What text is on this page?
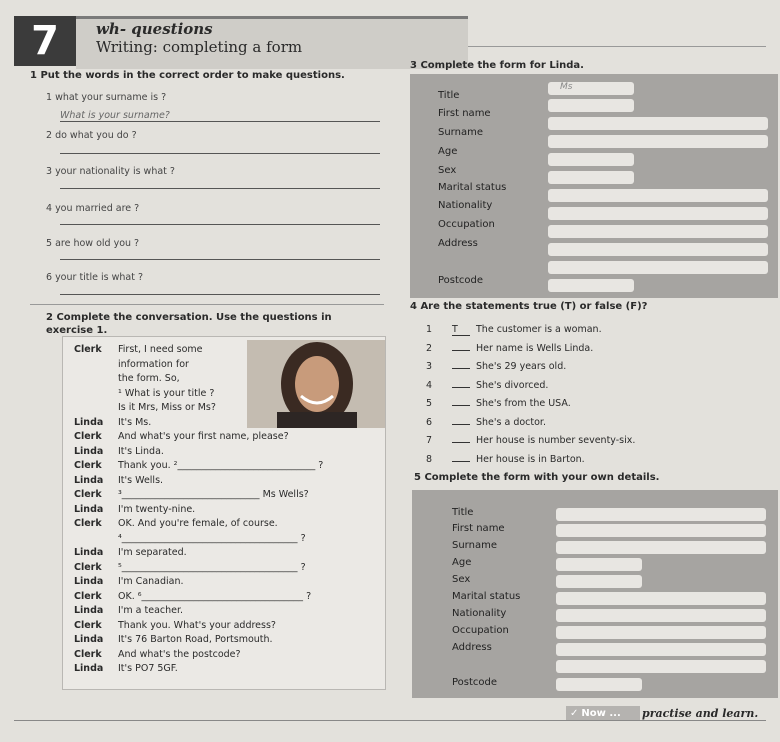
7 wh- questions
Writing: completing a form
1 Put the words in the correct order to make questions.
1 what your surname is ?
What is your surname?
2 do what you do ?
3 your nationality is what ?
4 you married are ?
5 are how old you ?
6 your title is what ?
3 Complete the form for Linda.
Title
Ms
First name
Surname
Age
Sex
Marital status
Nationality
Occupation
Address
Postcode
2 Complete the conversation. Use the questions in exercise 1.
Clerk First, I need some
information for
the form. So,
¹ What is your title ?
Is it Mrs, Miss or Ms?
Linda It's Ms.
Clerk And what's your first name, please?
Linda It's Linda.
Clerk Thank you. ²_____________________________ ?
Linda It's Wells.
Clerk ³_____________________________ Ms Wells?
Linda I'm twenty-nine.
Clerk OK. And you're female, of course.
⁴_____________________________________ ?
Linda I'm separated.
Clerk ⁵_____________________________________ ?
Linda I'm Canadian.
Clerk OK. ⁶__________________________________ ?
Linda I'm a teacher.
Clerk Thank you. What's your address?
Linda It's 76 Barton Road, Portsmouth.
Clerk And what's the postcode?
Linda It's PO7 5GF.
4 Are the statements true (T) or false (F)?
1 T The customer is a woman.
2	Her name is Wells Linda.
3	She's 29 years old.
4	She's divorced.
5	She's from the USA.
6	She's a doctor.
7	Her house is number seventy-six.
8	Her house is in Barton.
5 Complete the form with your own details.
Title
First name
Surname
Age
Sex
Marital status
Nationality
Occupation
Address
Postcode
✓ Now ... practise and learn.
